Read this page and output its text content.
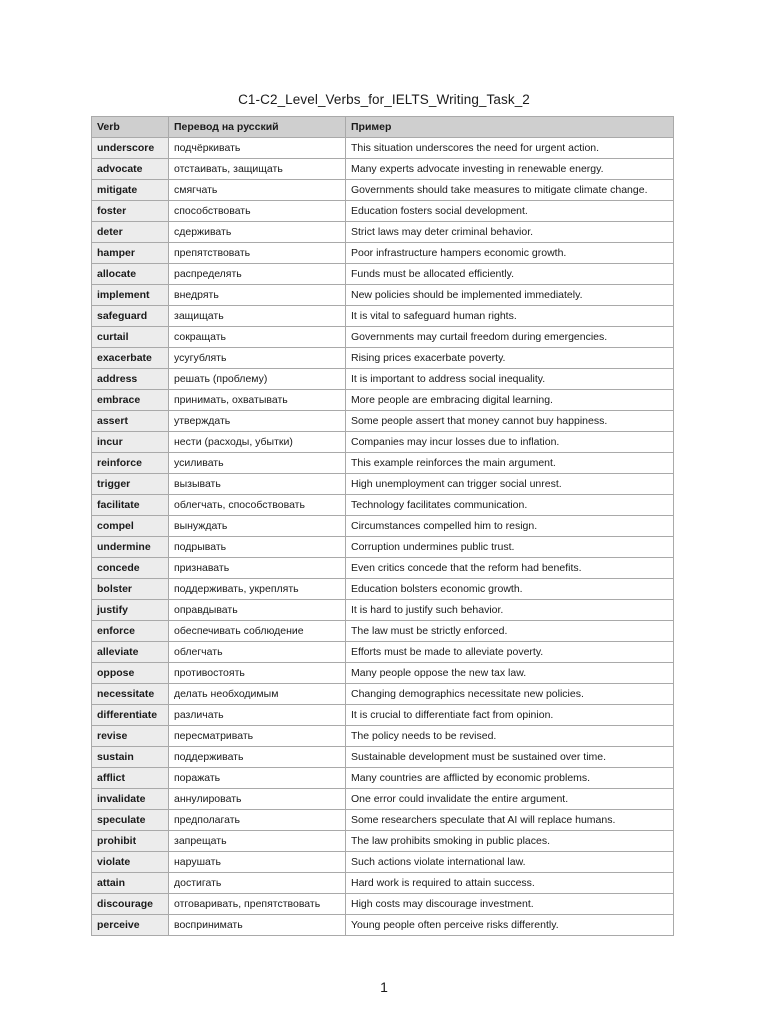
C1-C2_Level_Verbs_for_IELTS_Writing_Task_2
Verb	Перевод на русский	Пример
underscore	подчёркивать	This situation underscores the need for urgent action.
advocate	отстаивать, защищать	Many experts advocate investing in renewable energy.
mitigate	смягчать	Governments should take measures to mitigate climate change.
foster	способствовать	Education fosters social development.
deter	сдерживать	Strict laws may deter criminal behavior.
hamper	препятствовать	Poor infrastructure hampers economic growth.
allocate	распределять	Funds must be allocated efficiently.
implement	внедрять	New policies should be implemented immediately.
safeguard	защищать	It is vital to safeguard human rights.
curtail	сокращать	Governments may curtail freedom during emergencies.
exacerbate	усугублять	Rising prices exacerbate poverty.
address	решать (проблему)	It is important to address social inequality.
embrace	принимать, охватывать	More people are embracing digital learning.
assert	утверждать	Some people assert that money cannot buy happiness.
incur	нести (расходы, убытки)	Companies may incur losses due to inflation.
reinforce	усиливать	This example reinforces the main argument.
trigger	вызывать	High unemployment can trigger social unrest.
facilitate	облегчать, способствовать	Technology facilitates communication.
compel	вынуждать	Circumstances compelled him to resign.
undermine	подрывать	Corruption undermines public trust.
concede	признавать	Even critics concede that the reform had benefits.
bolster	поддерживать, укреплять	Education bolsters economic growth.
justify	оправдывать	It is hard to justify such behavior.
enforce	обеспечивать соблюдение	The law must be strictly enforced.
alleviate	облегчать	Efforts must be made to alleviate poverty.
oppose	противостоять	Many people oppose the new tax law.
necessitate	делать необходимым	Changing demographics necessitate new policies.
differentiate	различать	It is crucial to differentiate fact from opinion.
revise	пересматривать	The policy needs to be revised.
sustain	поддерживать	Sustainable development must be sustained over time.
afflict	поражать	Many countries are afflicted by economic problems.
invalidate	аннулировать	One error could invalidate the entire argument.
speculate	предполагать	Some researchers speculate that AI will replace humans.
prohibit	запрещать	The law prohibits smoking in public places.
violate	нарушать	Such actions violate international law.
attain	достигать	Hard work is required to attain success.
discourage	отговаривать, препятствовать	High costs may discourage investment.
perceive	воспринимать	Young people often perceive risks differently.
1
